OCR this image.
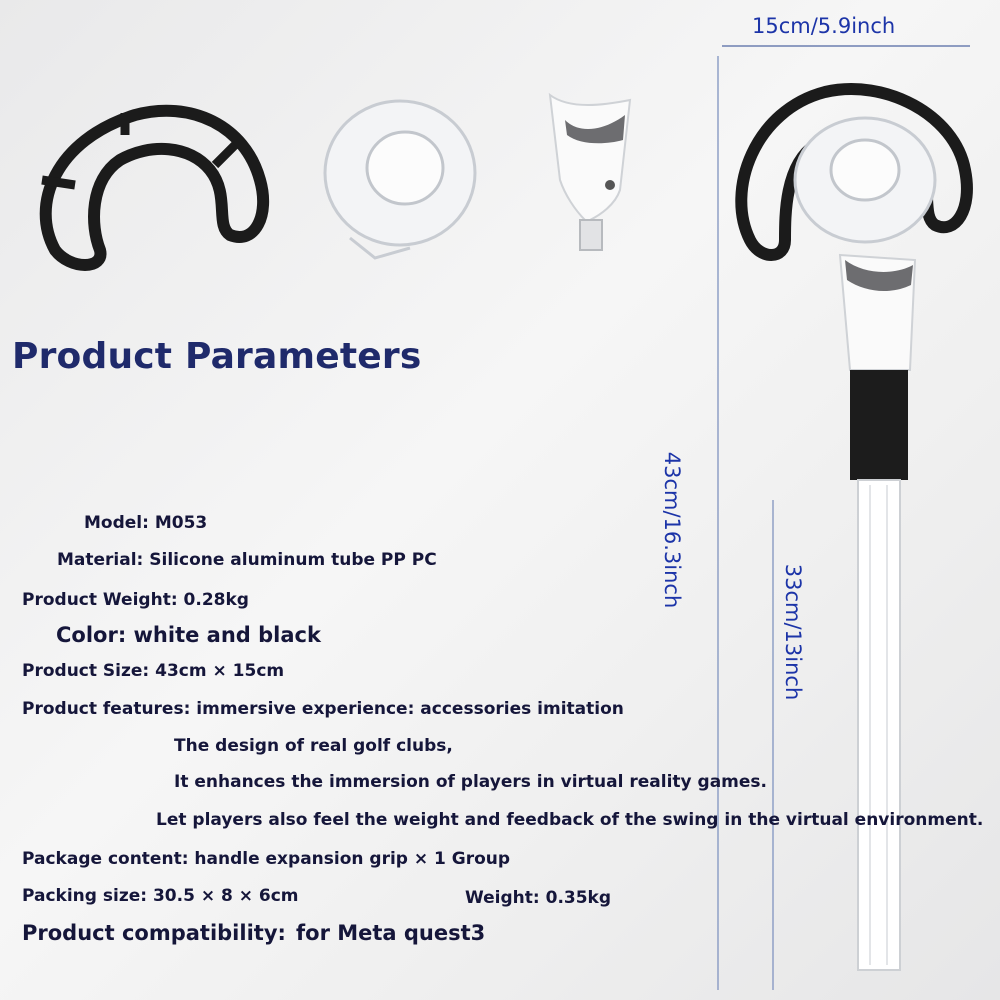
15cm/5.9inch
43cm/16.3inch
33cm/13inch
Product Parameters
Model: M053
Material: Silicone aluminum tube PP PC
Product Weight: 0.28kg
Color: white and black
Product Size: 43cm × 15cm
Product features: immersive experience: accessories imitation
The design of real golf clubs,
It enhances the immersion of players in virtual reality games.
Let players also feel the weight and feedback of the swing in the virtual environment.
Package content: handle expansion grip × 1 Group
Packing size: 30.5 × 8 × 6cm	Weight: 0.35kg
Product compatibility: for Meta quest3
